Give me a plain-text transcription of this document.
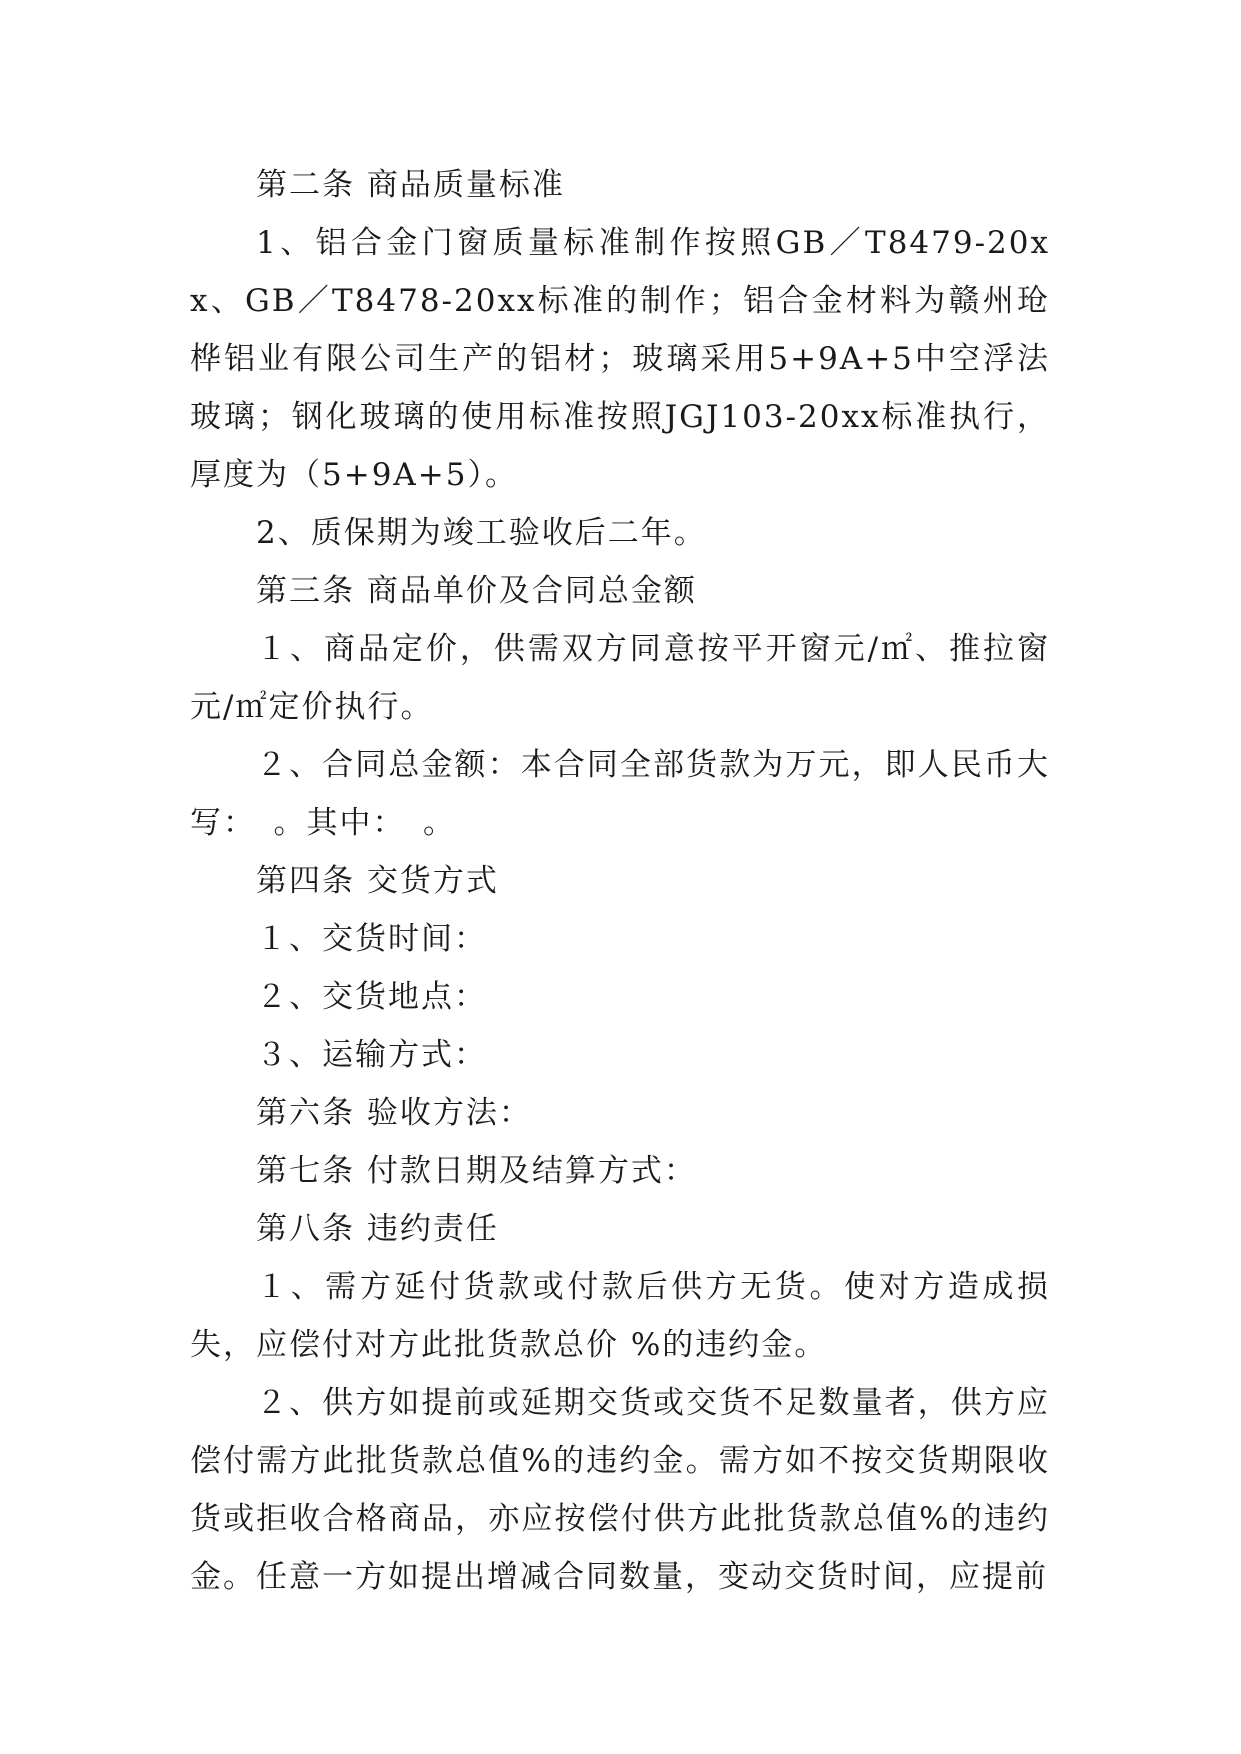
第二条 商品质量标准

1、铝合金门窗质量标准制作按照GB／T8479-20xx、GB／T8478-20xx标准的制作；铝合金材料为赣州玱桦铝业有限公司生产的铝材；玻璃采用5+9A+5中空浮法玻璃；钢化玻璃的使用标准按照JGJ103-20xx标准执行，厚度为（5+9A+5）。

2、质保期为竣工验收后二年。

第三条 商品单价及合同总金额

１、商品定价，供需双方同意按平开窗元/㎡、推拉窗元/㎡定价执行。

２、合同总金额：本合同全部货款为万元，即人民币大写：　。其中：　。

第四条 交货方式

１、交货时间：

２、交货地点：

３、运输方式：

第六条 验收方法：

第七条 付款日期及结算方式：

第八条 违约责任

１、需方延付货款或付款后供方无货。使对方造成损失，应偿付对方此批货款总价 %的违约金。

２、供方如提前或延期交货或交货不足数量者，供方应偿付需方此批货款总值%的违约金。需方如不按交货期限收货或拒收合格商品，亦应按偿付供方此批货款总值%的违约金。任意一方如提出增减合同数量，变动交货时间，应提前
